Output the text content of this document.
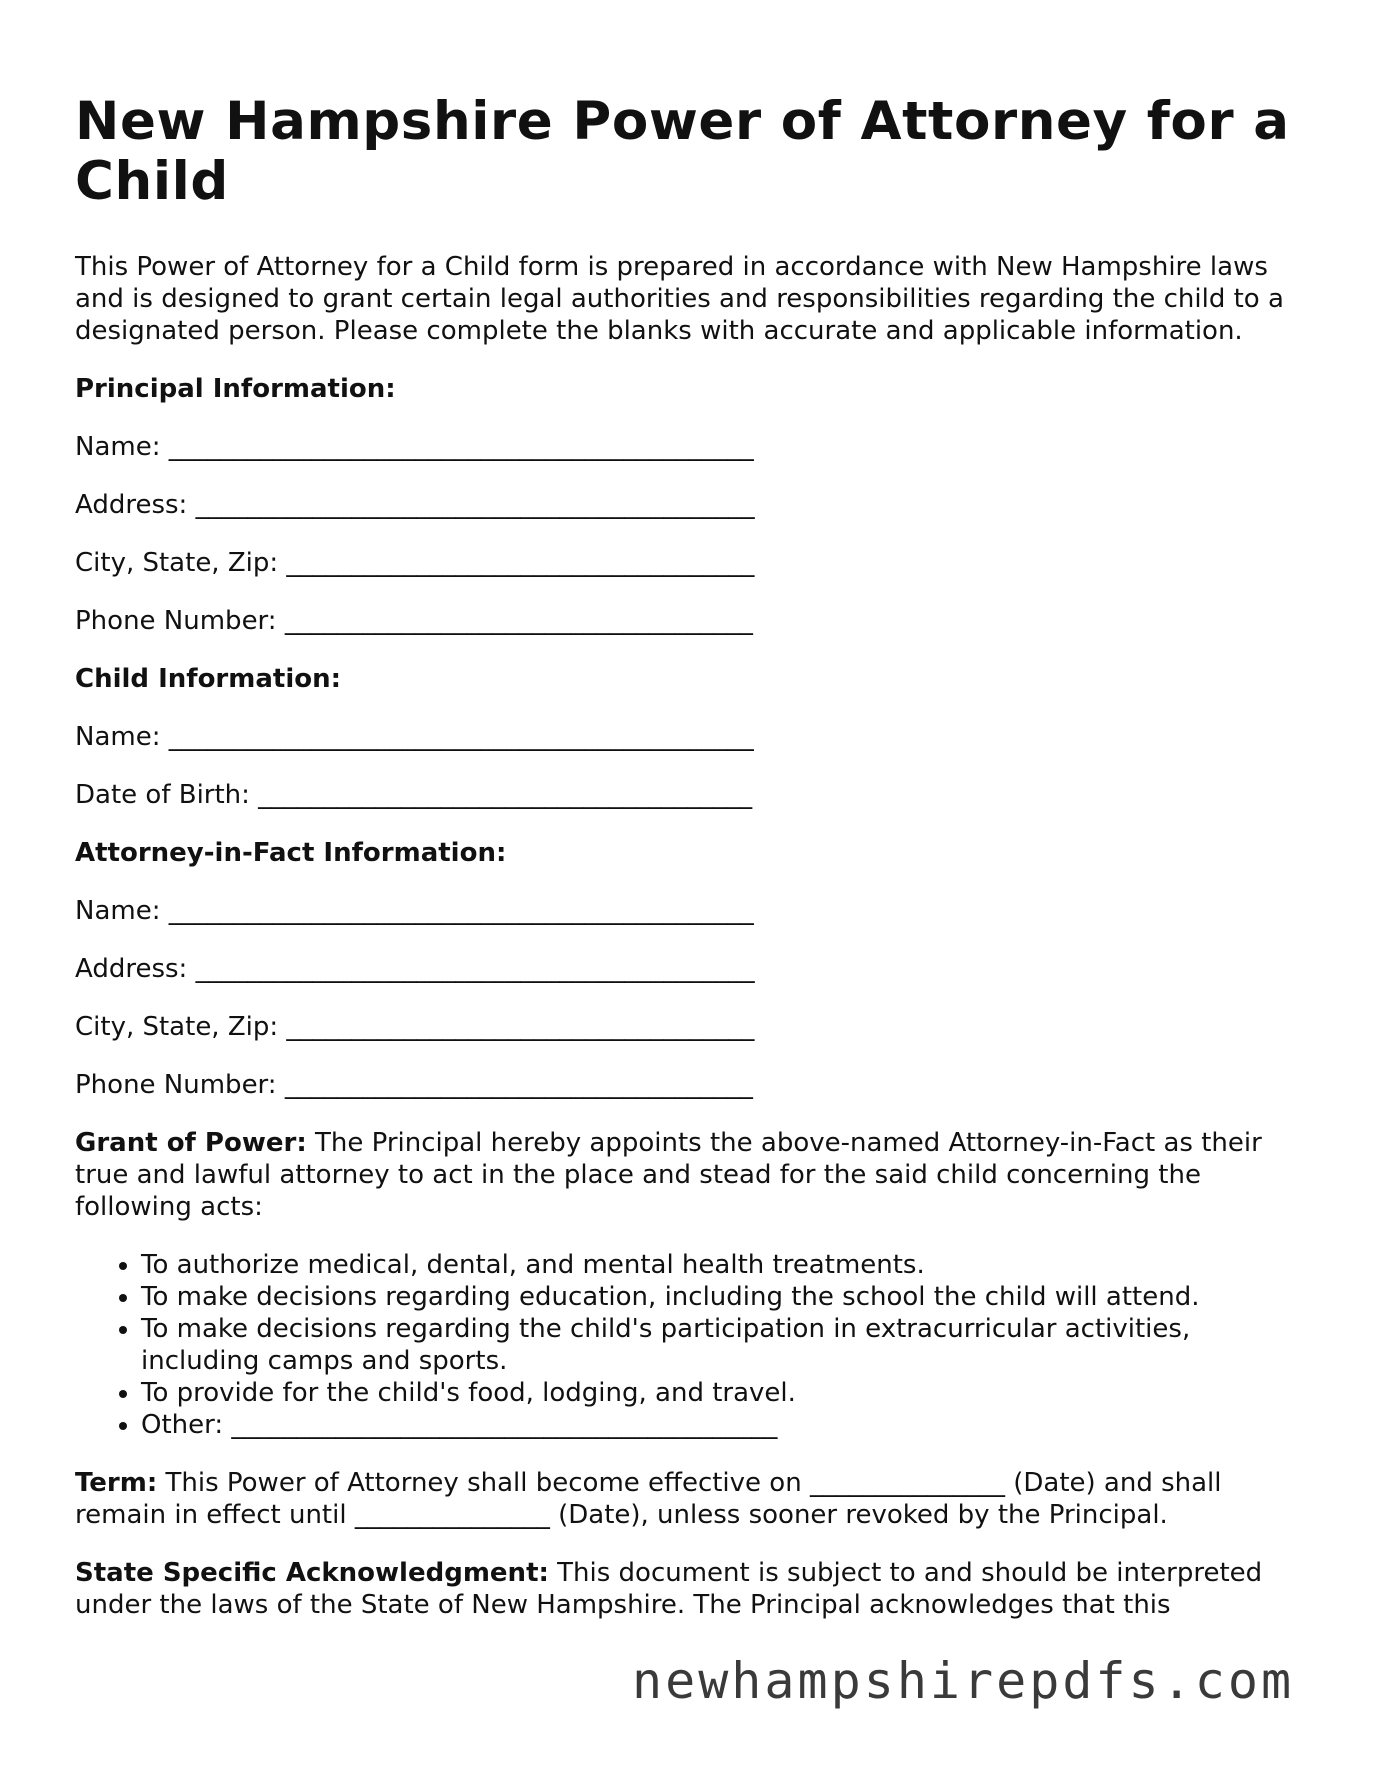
New Hampshire Power of Attorney for a Child

This Power of Attorney for a Child form is prepared in accordance with New Hampshire laws and is designed to grant certain legal authorities and responsibilities regarding the child to a designated person. Please complete the blanks with accurate and applicable information.

Principal Information:

Name: _____________________________________________

Address: ___________________________________________

City, State, Zip: ____________________________________

Phone Number: ____________________________________

Child Information:

Name: _____________________________________________

Date of Birth: ______________________________________

Attorney-in-Fact Information:

Name: _____________________________________________

Address: ___________________________________________

City, State, Zip: ____________________________________

Phone Number: ____________________________________

Grant of Power: The Principal hereby appoints the above-named Attorney-in-Fact as their true and lawful attorney to act in the place and stead for the said child concerning the following acts:

• To authorize medical, dental, and mental health treatments.
• To make decisions regarding education, including the school the child will attend.
• To make decisions regarding the child's participation in extracurricular activities, including camps and sports.
• To provide for the child's food, lodging, and travel.
• Other: __________________________________________

Term: This Power of Attorney shall become effective on _______________ (Date) and shall remain in effect until _______________ (Date), unless sooner revoked by the Principal.

State Specific Acknowledgment: This document is subject to and should be interpreted under the laws of the State of New Hampshire. The Principal acknowledges that this

newhampshirepdfs.com
